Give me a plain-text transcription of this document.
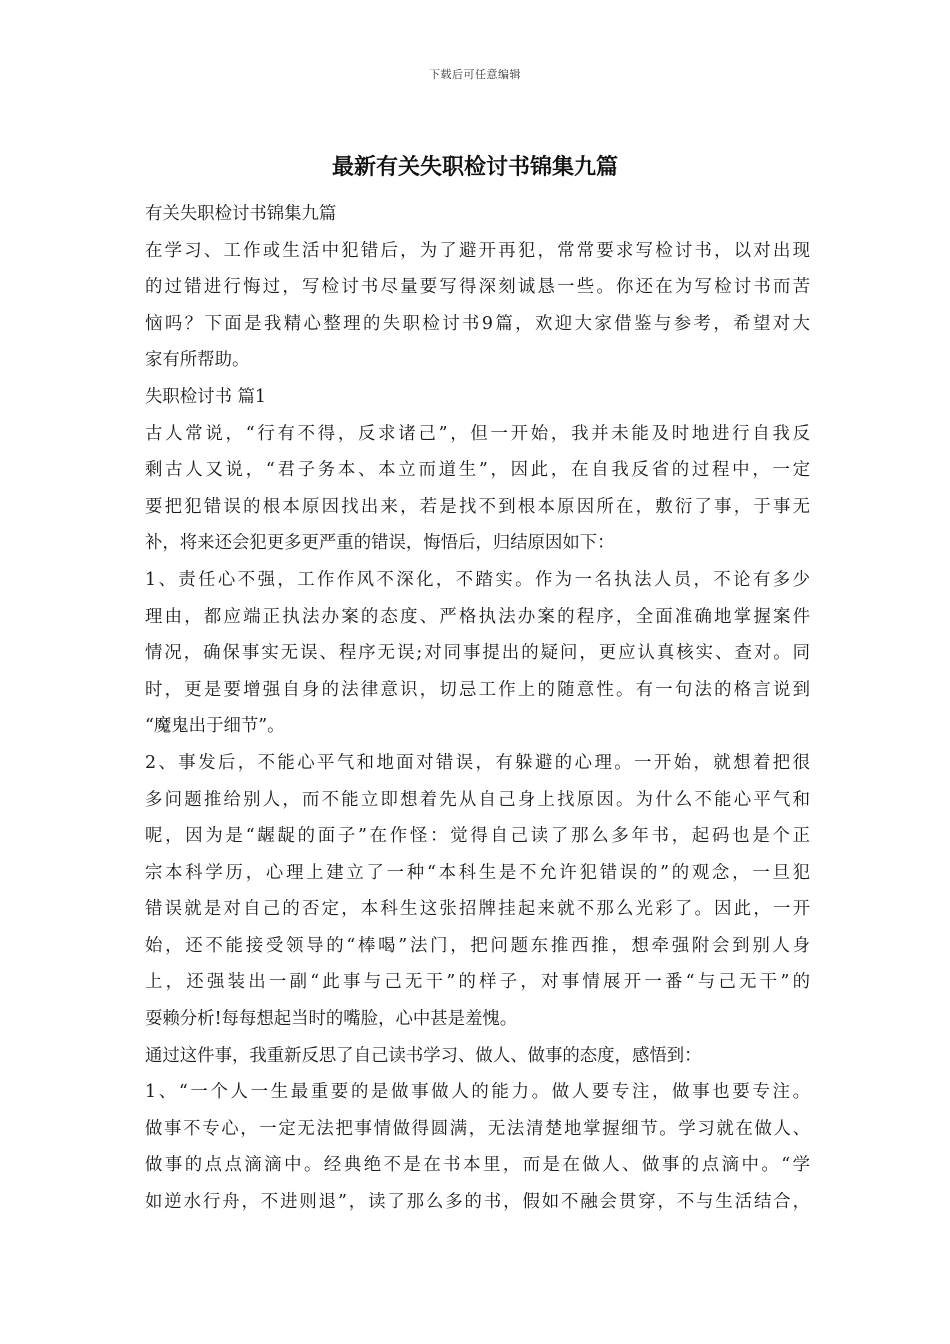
下载后可任意编辑
最新有关失职检讨书锦集九篇
有关失职检讨书锦集九篇
在学习、工作或生活中犯错后，为了避开再犯，常常要求写检讨书，以对出现
的过错进行悔过，写检讨书尽量要写得深刻诚恳一些。你还在为写检讨书而苦
恼吗？下面是我精心整理的失职检讨书9篇，欢迎大家借鉴与参考，希望对大
家有所帮助。
失职检讨书 篇1
古人常说，“行有不得，反求诸己”，但一开始，我并未能及时地进行自我反
剩古人又说，“君子务本、本立而道生”，因此，在自我反省的过程中，一定
要把犯错误的根本原因找出来，若是找不到根本原因所在，敷衍了事，于事无
补，将来还会犯更多更严重的错误，悔悟后，归结原因如下：
1、责任心不强，工作作风不深化，不踏实。作为一名执法人员，不论有多少
理由，都应端正执法办案的态度、严格执法办案的程序，全面准确地掌握案件
情况，确保事实无误、程序无误;对同事提出的疑问，更应认真核实、查对。同
时，更是要增强自身的法律意识，切忌工作上的随意性。有一句法的格言说到
“魔鬼出于细节”。
2、事发后，不能心平气和地面对错误，有躲避的心理。一开始，就想着把很
多问题推给别人，而不能立即想着先从自己身上找原因。为什么不能心平气和
呢，因为是“龌龊的面子”在作怪：觉得自己读了那么多年书，起码也是个正
宗本科学历，心理上建立了一种“本科生是不允许犯错误的”的观念，一旦犯
错误就是对自己的否定，本科生这张招牌挂起来就不那么光彩了。因此，一开
始，还不能接受领导的“棒喝”法门，把问题东推西推，想牵强附会到别人身
上，还强装出一副“此事与己无干”的样子，对事情展开一番“与己无干”的
耍赖分析!每每想起当时的嘴脸，心中甚是羞愧。
通过这件事，我重新反思了自己读书学习、做人、做事的态度，感悟到：
1、“一个人一生最重要的是做事做人的能力。做人要专注，做事也要专注。
做事不专心，一定无法把事情做得圆满，无法清楚地掌握细节。学习就在做人、
做事的点点滴滴中。经典绝不是在书本里，而是在做人、做事的点滴中。“学
如逆水行舟，不进则退”，读了那么多的书，假如不融会贯穿，不与生活结合，
